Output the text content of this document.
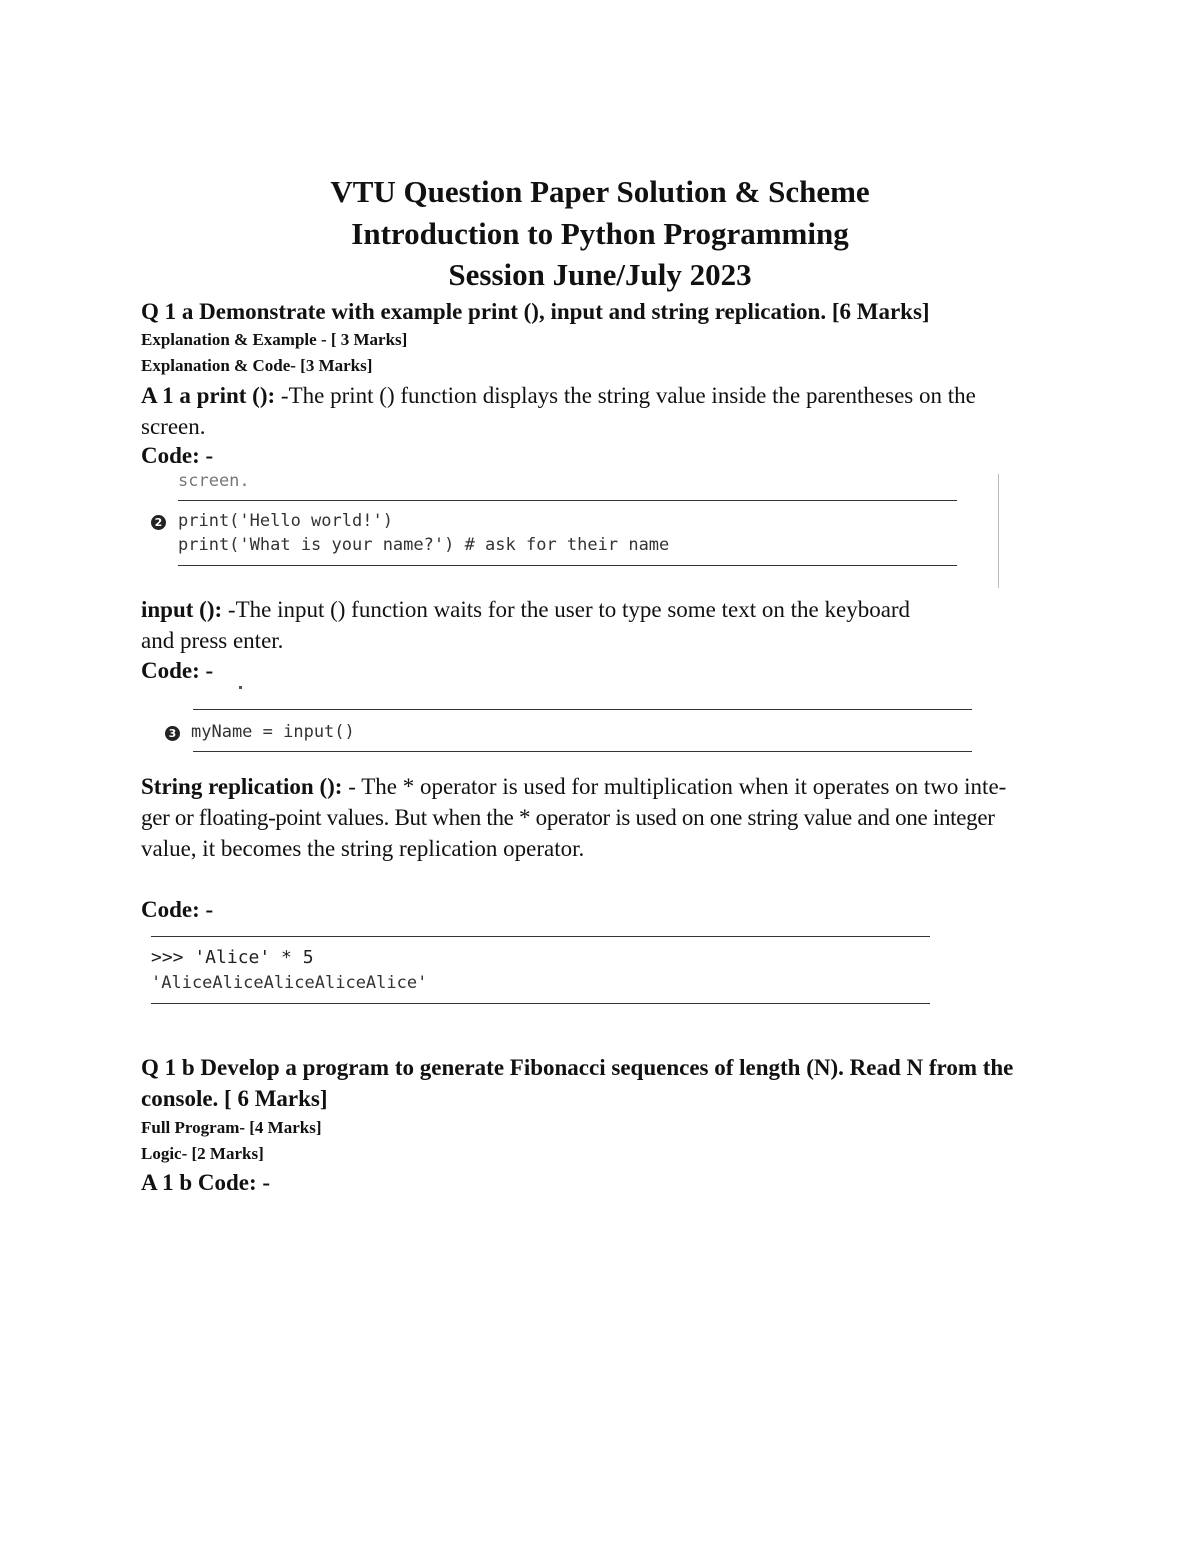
VTU Question Paper Solution & Scheme
Introduction to Python Programming
Session June/July 2023
Q 1 a Demonstrate with example print (), input and string replication. [6 Marks]
Explanation & Example - [ 3 Marks]
Explanation & Code- [3 Marks]
A 1 a print (): -The print () function displays the string value inside the parentheses on the
screen.
Code: -
screen.
2 print('Hello world!')
print('What is your name?') # ask for their name
input (): -The input () function waits for the user to type some text on the keyboard
and press enter.
Code: -
3 myName = input()
String replication (): - The * operator is used for multiplication when it operates on two inte-
ger or floating-point values. But when the * operator is used on one string value and one integer
value, it becomes the string replication operator.
Code: -
>>> 'Alice' * 5
'AliceAliceAliceAliceAlice'
Q 1 b Develop a program to generate Fibonacci sequences of length (N). Read N from the
console. [ 6 Marks]
Full Program- [4 Marks]
Logic- [2 Marks]
A 1 b Code: -
